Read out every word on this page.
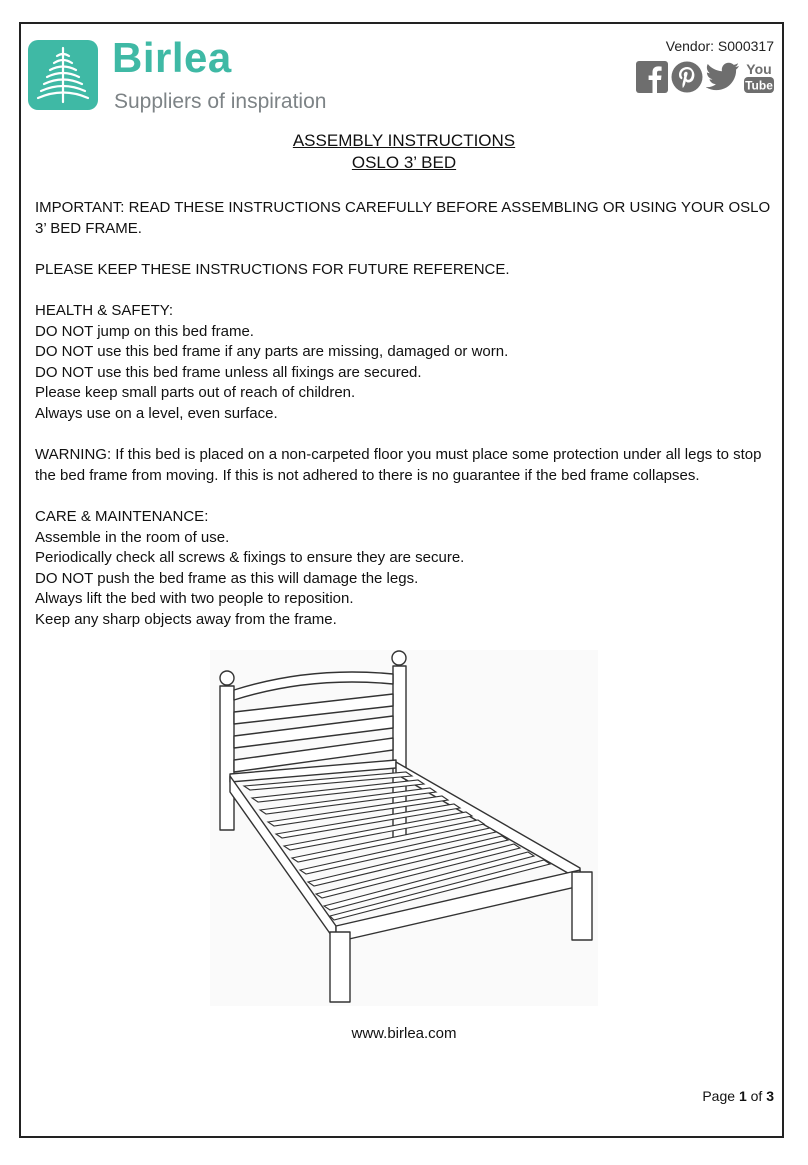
Birlea
Suppliers of inspiration
Vendor: S000317
You
Tube
ASSEMBLY INSTRUCTIONS
OSLO 3’ BED

IMPORTANT: READ THESE INSTRUCTIONS CAREFULLY BEFORE ASSEMBLING OR USING YOUR OSLO 3’ BED FRAME.

PLEASE KEEP THESE INSTRUCTIONS FOR FUTURE REFERENCE.

HEALTH & SAFETY:

DO NOT jump on this bed frame.

DO NOT use this bed frame if any parts are missing, damaged or worn.

DO NOT use this bed frame unless all fixings are secured.

Please keep small parts out of reach of children.

Always use on a level, even surface.

WARNING: If this bed is placed on a non-carpeted floor you must place some protection under all legs to stop the bed frame from moving. If this is not adhered to there is no guarantee if the bed frame collapses.

CARE & MAINTENANCE:

Assemble in the room of use.

Periodically check all screws & fixings to ensure they are secure.

DO NOT push the bed frame as this will damage the legs.

Always lift the bed with two people to reposition.

Keep any sharp objects away from the frame.

www.birlea.com
Page 1 of 3
